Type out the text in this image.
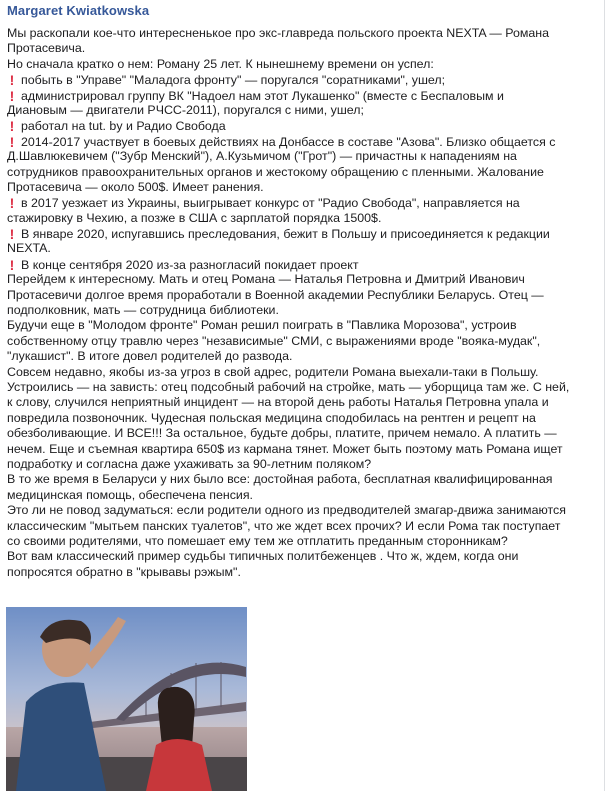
Margaret Kwiatkowska
Мы раскопали кое-что интересненькое про экс-главреда польского проекта NEXTA — Романа
Протасевича.
Но сначала кратко о нем: Роману 25 лет. К нынешнему времени он успел:
! побыть в "Управе" "Маладога фронту" — поругался "соратниками", ушел;
! администрировал группу ВК "Надоел нам этот Лукашенко" (вместе с Беспаловым и
Диановым — двигатели РЧСС-2011), поругался с ними, ушел;
! работал на tut. by и Радио Свобода
! 2014-2017 участвует в боевых действиях на Донбассе в составе "Азова". Близко общается с
Д.Шавлюкевичем ("Зубр Менский"), А.Кузьмичом ("Грот") — причастны к нападениям на
сотрудников правоохранительных органов и жестокому обращению с пленными. Жалование
Протасевича — около 500$. Имеет ранения.
! в 2017 уезжает из Украины, выигрывает конкурс от "Радио Свобода", направляется на
стажировку в Чехию, а позже в США с зарплатой порядка 1500$.
! В январе 2020, испугавшись преследования, бежит в Польшу и присоединяется к редакции
NEXTA.
! В конце сентября 2020 из-за разногласий покидает проект
Перейдем к интересному. Мать и отец Романа — Наталья Петровна и Дмитрий Иванович
Протасевичи долгое время проработали в Военной академии Республики Беларусь. Отец —
подполковник, мать — сотрудница библиотеки.
Будучи еще в "Молодом фронте" Роман решил поиграть в "Павлика Морозова", устроив
собственному отцу травлю через "независимые" СМИ, с выражениями вроде "вояка-мудак",
"лукашист". В итоге довел родителей до развода.
Совсем недавно, якобы из-за угроз в свой адрес, родители Романа выехали-таки в Польшу.
Устроились — на зависть: отец подсобный рабочий на стройке, мать — уборщица там же. С ней,
к слову, случился неприятный инцидент — на второй день работы Наталья Петровна упала и
повредила позвоночник. Чудесная польская медицина сподобилась на рентген и рецепт на
обезболивающие. И ВСЕ!!! За остальное, будьте добры, платите, причем немало. А платить —
нечем. Еще и съемная квартира 650$ из кармана тянет. Может быть поэтому мать Романа ищет
подработку и согласна даже ухаживать за 90-летним поляком?
В то же время в Беларуси у них было все: достойная работа, бесплатная квалифицированная
медицинская помощь, обеспечена пенсия.
Это ли не повод задуматься: если родители одного из предводителей змагар-движа занимаются
классическим "мытьем панских туалетов", что же ждет всех прочих? И если Рома так поступает
со своими родителями, что помешает ему тем же отплатить преданным сторонникам?
Вот вам классический пример судьбы типичных политбеженцев . Что ж, ждем, когда они
попросятся обратно в "крывавы рэжым".
